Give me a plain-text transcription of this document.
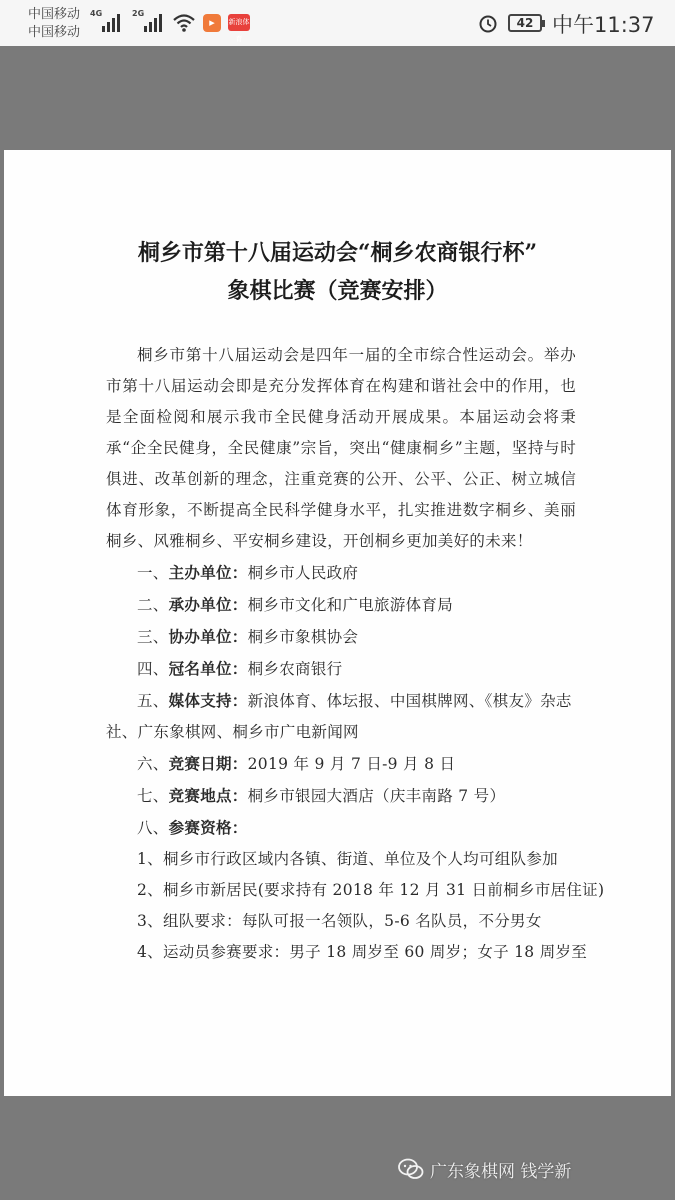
中国移动
中国移动
4G	2G
▸	新浪体育
42 中午11:37
桐乡市第十八届运动会“桐乡农商银行杯”
象棋比赛（竞赛安排）

桐乡市第十八届运动会是四年一届的全市综合性运动会。举办市第十八届运动会即是充分发挥体育在构建和谐社会中的作用，也是全面检阅和展示我市全民健身活动开展成果。本届运动会将秉承“企全民健身，全民健康”宗旨，突出“健康桐乡”主题，坚持与时俱进、改革创新的理念，注重竞赛的公开、公平、公正、树立城信体育形象，不断提高全民科学健身水平，扎实推进数字桐乡、美丽桐乡、风雅桐乡、平安桐乡建设，开创桐乡更加美好的未来！

一、主办单位：桐乡市人民政府
二、承办单位：桐乡市文化和广电旅游体育局
三、协办单位：桐乡市象棋协会
四、冠名单位：桐乡农商银行
五、媒体支持：新浪体育、体坛报、中国棋牌网、《棋友》杂志社、广东象棋网、桐乡市广电新闻网
六、竞赛日期：2019 年 9 月 7 日-9 月 8 日
七、竞赛地点：桐乡市银园大酒店（庆丰南路 7 号）
八、参赛资格：
1、桐乡市行政区域内各镇、街道、单位及个人均可组队参加
2、桐乡市新居民(要求持有 2018 年 12 月 31 日前桐乡市居住证)
3、组队要求：每队可报一名领队，5-6 名队员，不分男女
4、运动员参赛要求：男子 18 周岁至 60 周岁；女子 18 周岁至
广东象棋网 钱学新
